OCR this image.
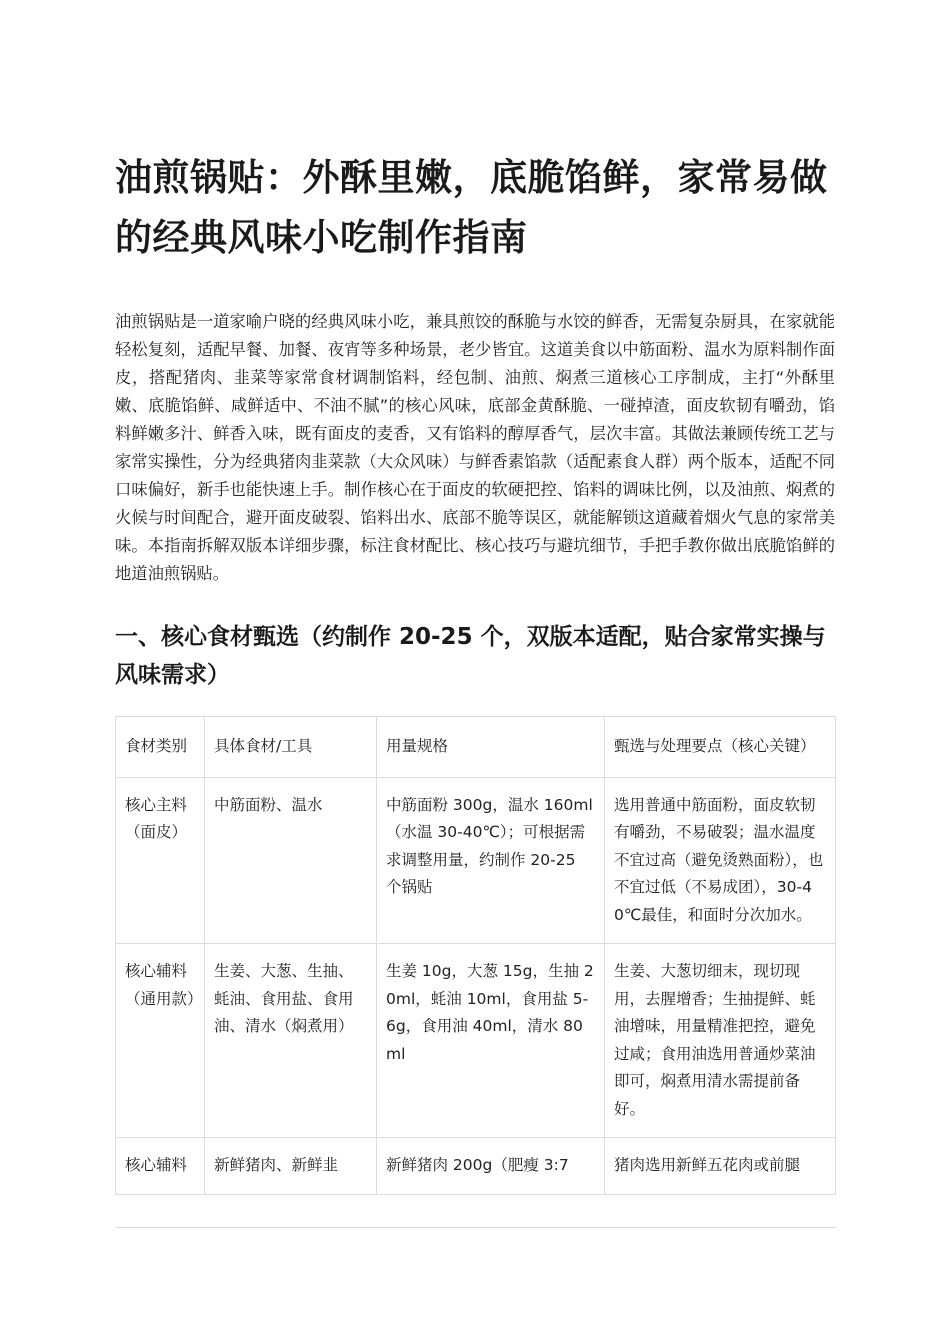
油煎锅贴：外酥里嫩，底脆馅鲜，家常易做的经典风味小吃制作指南

油煎锅贴是一道家喻户晓的经典风味小吃，兼具煎饺的酥脆与水饺的鲜香，无需复杂厨具，在家就能轻松复刻，适配早餐、加餐、夜宵等多种场景，老少皆宜。这道美食以中筋面粉、温水为原料制作面皮，搭配猪肉、韭菜等家常食材调制馅料，经包制、油煎、焖煮三道核心工序制成，主打“外酥里嫩、底脆馅鲜、咸鲜适中、不油不腻”的核心风味，底部金黄酥脆、一碰掉渣，面皮软韧有嚼劲，馅料鲜嫩多汁、鲜香入味，既有面皮的麦香，又有馅料的醇厚香气，层次丰富。其做法兼顾传统工艺与家常实操性，分为经典猪肉韭菜款（大众风味）与鲜香素馅款（适配素食人群）两个版本，适配不同口味偏好，新手也能快速上手。制作核心在于面皮的软硬把控、馅料的调味比例，以及油煎、焖煮的火候与时间配合，避开面皮破裂、馅料出水、底部不脆等误区，就能解锁这道藏着烟火气息的家常美味。本指南拆解双版本详细步骤，标注食材配比、核心技巧与避坑细节，手把手教你做出底脆馅鲜的地道油煎锅贴。

一、核心食材甄选（约制作 20-25 个，双版本适配，贴合家常实操与风味需求）
食材类别	具体食材/工具	用量规格	甄选与处理要点（核心关键）
核心主料（面皮）	中筋面粉、温水	中筋面粉 300g，温水 160ml（水温 30-40℃）；可根据需求调整用量，约制作 20-25 个锅贴	选用普通中筋面粉，面皮软韧有嚼劲，不易破裂；温水温度不宜过高（避免烫熟面粉），也不宜过低（不易成团），30-40℃最佳，和面时分次加水。
核心辅料（通用款）	生姜、大葱、生抽、蚝油、食用盐、食用油、清水（焖煮用）	生姜 10g，大葱 15g，生抽 20ml，蚝油 10ml，食用盐 5-6g，食用油 40ml，清水 80ml	生姜、大葱切细末，现切现用，去腥增香；生抽提鲜、蚝油增味，用量精准把控，避免过咸；食用油选用普通炒菜油即可，焖煮用清水需提前备好。
核心辅料	新鲜猪肉、新鲜韭	新鲜猪肉 200g（肥瘦 3:7	猪肉选用新鲜五花肉或前腿
